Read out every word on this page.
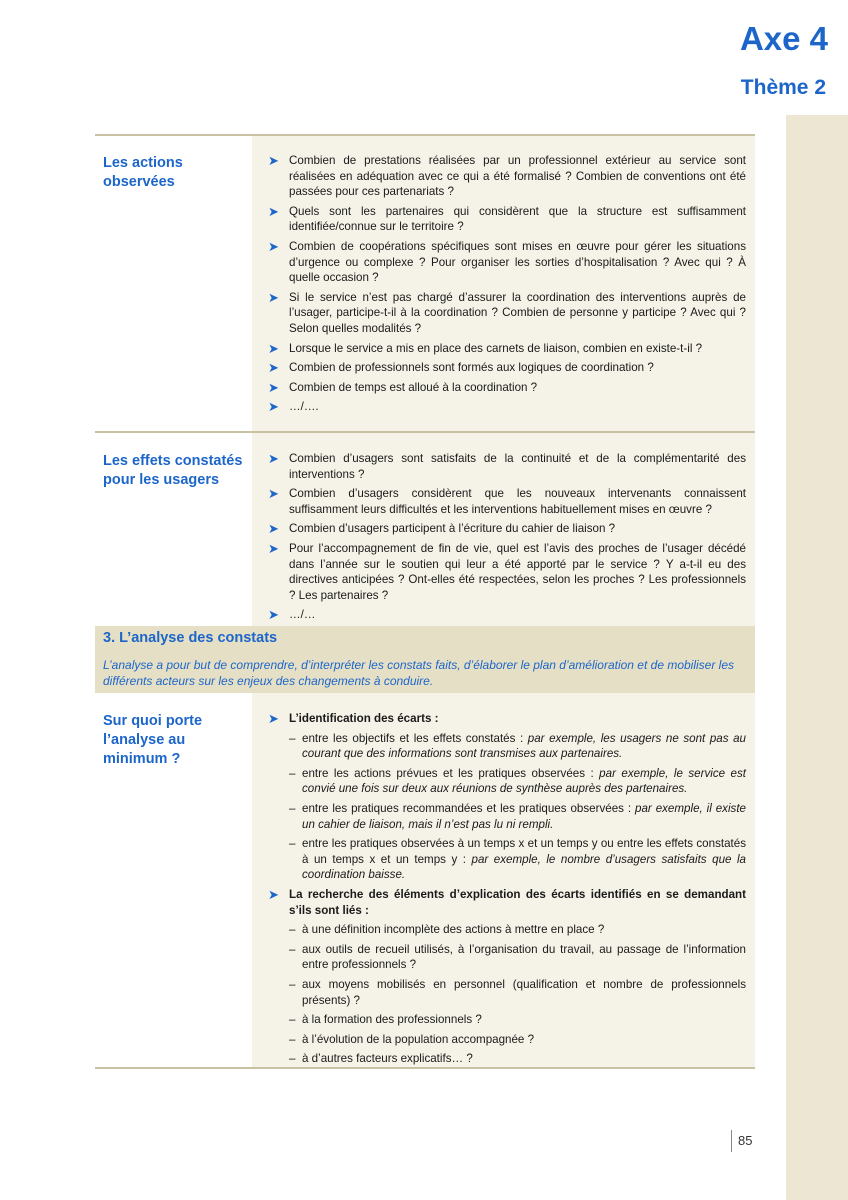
Axe 4
Thème 2
Les actions observées
➤ Combien de prestations réalisées par un professionnel extérieur au service sont réalisées en adéquation avec ce qui a été formalisé ? Combien de conventions ont été passées pour ces partenariats ?
➤ Quels sont les partenaires qui considèrent que la structure est suffisamment identifiée/connue sur le territoire ?
➤ Combien de coopérations spécifiques sont mises en œuvre pour gérer les situations d’urgence ou complexe ? Pour organiser les sorties d’hospitalisation ? Avec qui ? À quelle occasion ?
➤ Si le service n’est pas chargé d’assurer la coordination des interventions auprès de l’usager, participe-t-il à la coordination ? Combien de personne y participe ? Avec qui ? Selon quelles modalités ?
➤ Lorsque le service a mis en place des carnets de liaison, combien en existe-t-il ?
➤ Combien de professionnels sont formés aux logiques de coordination ?
➤ Combien de temps est alloué à la coordination ?
➤ …/….
Les effets constatés pour les usagers
➤ Combien d’usagers sont satisfaits de la continuité et de la complémentarité des interventions ?
➤ Combien d’usagers considèrent que les nouveaux intervenants connaissent suffisamment leurs difficultés et les interventions habituellement mises en œuvre ?
➤ Combien d’usagers participent à l’écriture du cahier de liaison ?
➤ Pour l’accompagnement de fin de vie, quel est l’avis des proches de l’usager décédé dans l’année sur le soutien qui leur a été apporté par le service ? Y a-t-il eu des directives anticipées ? Ont-elles été respectées, selon les proches ? Les professionnels ? Les partenaires ?
➤ …/…
3. L’analyse des constats
L’analyse a pour but de comprendre, d’interpréter les constats faits, d’élaborer le plan d’amélioration et de mobiliser les différents acteurs sur les enjeux des changements à conduire.
Sur quoi porte l’analyse au minimum ?
➤ L’identification des écarts :
– entre les objectifs et les effets constatés : par exemple, les usagers ne sont pas au courant que des informations sont transmises aux partenaires.
– entre les actions prévues et les pratiques observées : par exemple, le service est convié une fois sur deux aux réunions de synthèse auprès des partenaires.
– entre les pratiques recommandées et les pratiques observées : par exemple, il existe un cahier de liaison, mais il n’est pas lu ni rempli.
– entre les pratiques observées à un temps x et un temps y ou entre les effets constatés à un temps x et un temps y : par exemple, le nombre d’usagers satisfaits que la coordination baisse.
➤ La recherche des éléments d’explication des écarts identifiés en se demandant s’ils sont liés :
– à une définition incomplète des actions à mettre en place ?
– aux outils de recueil utilisés, à l’organisation du travail, au passage de l’information entre professionnels ?
– aux moyens mobilisés en personnel (qualification et nombre de professionnels présents) ?
– à la formation des professionnels ?
– à l’évolution de la population accompagnée ?
– à d’autres facteurs explicatifs… ?
85
